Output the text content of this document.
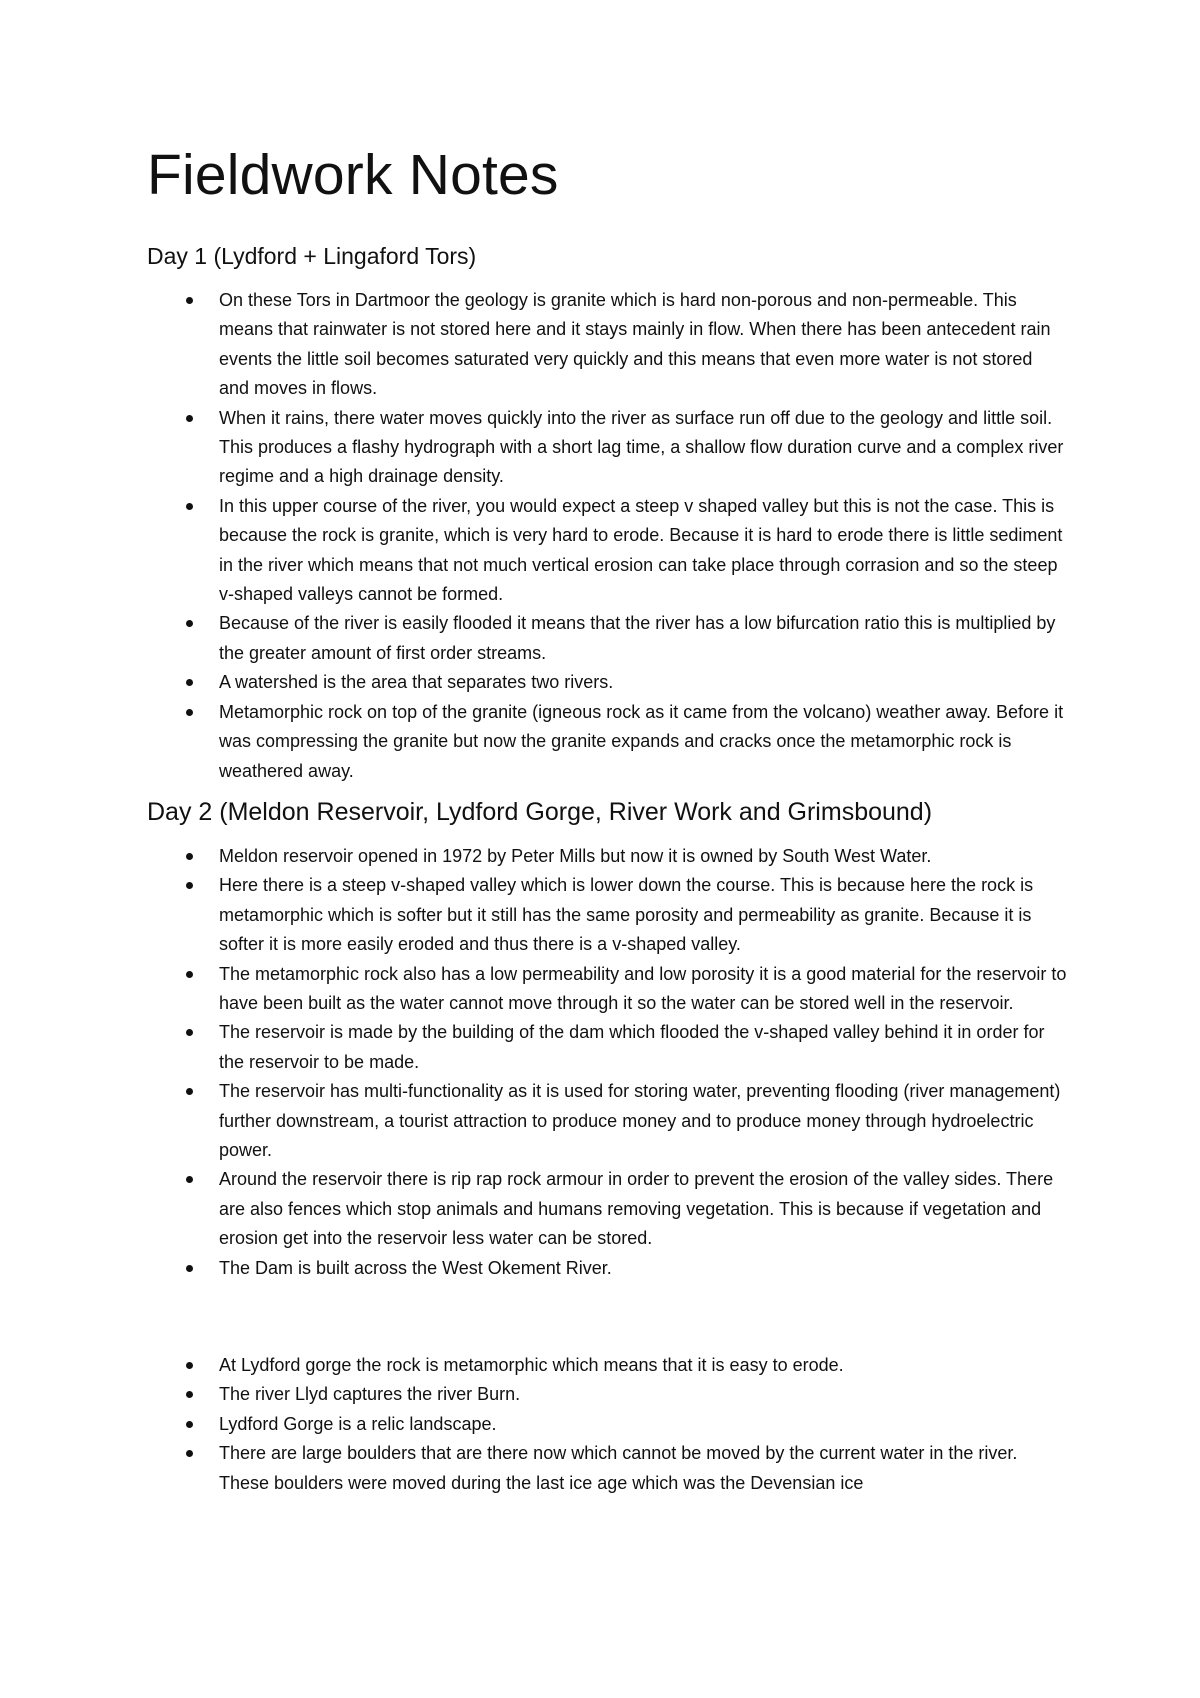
Fieldwork Notes
Day 1 (Lydford + Lingaford Tors)
On these Tors in Dartmoor the geology is granite which is hard non-porous and non-permeable. This means that rainwater is not stored here and it stays mainly in flow. When there has been antecedent rain events the little soil becomes saturated very quickly and this means that even more water is not stored and moves in flows.
When it rains, there water moves quickly into the river as surface run off due to the geology and little soil. This produces a flashy hydrograph with a short lag time, a shallow flow duration curve and a complex river regime and a high drainage density.
In this upper course of the river, you would expect a steep v shaped valley but this is not the case. This is because the rock is granite, which is very hard to erode. Because it is hard to erode there is little sediment in the river which means that not much vertical erosion can take place through corrasion and so the steep v-shaped valleys cannot be formed.
Because of the river is easily flooded it means that the river has a low bifurcation ratio this is multiplied by the greater amount of first order streams.
A watershed is the area that separates two rivers.
Metamorphic rock on top of the granite (igneous rock as it came from the volcano) weather away. Before it was compressing the granite but now the granite expands and cracks once the metamorphic rock is weathered away.
Day 2 (Meldon Reservoir, Lydford Gorge, River Work and Grimsbound)
Meldon reservoir opened in 1972 by Peter Mills but now it is owned by South West Water.
Here there is a steep v-shaped valley which is lower down the course. This is because here the rock is metamorphic which is softer but it still has the same porosity and permeability as granite. Because it is softer it is more easily eroded and thus there is a v-shaped valley.
The metamorphic rock also has a low permeability and low porosity it is a good material for the reservoir to have been built as the water cannot move through it so the water can be stored well in the reservoir.
The reservoir is made by the building of the dam which flooded the v-shaped valley behind it in order for the reservoir to be made.
The reservoir has multi-functionality as it is used for storing water, preventing flooding (river management) further downstream, a tourist attraction to produce money and to produce money through hydroelectric power.
Around the reservoir there is rip rap rock armour in order to prevent the erosion of the valley sides. There are also fences which stop animals and humans removing vegetation. This is because if vegetation and erosion get into the reservoir less water can be stored.
The Dam is built across the West Okement River.
At Lydford gorge the rock is metamorphic which means that it is easy to erode.
The river Llyd captures the river Burn.
Lydford Gorge is a relic landscape.
There are large boulders that are there now which cannot be moved by the current water in the river. These boulders were moved during the last ice age which was the Devensian ice
